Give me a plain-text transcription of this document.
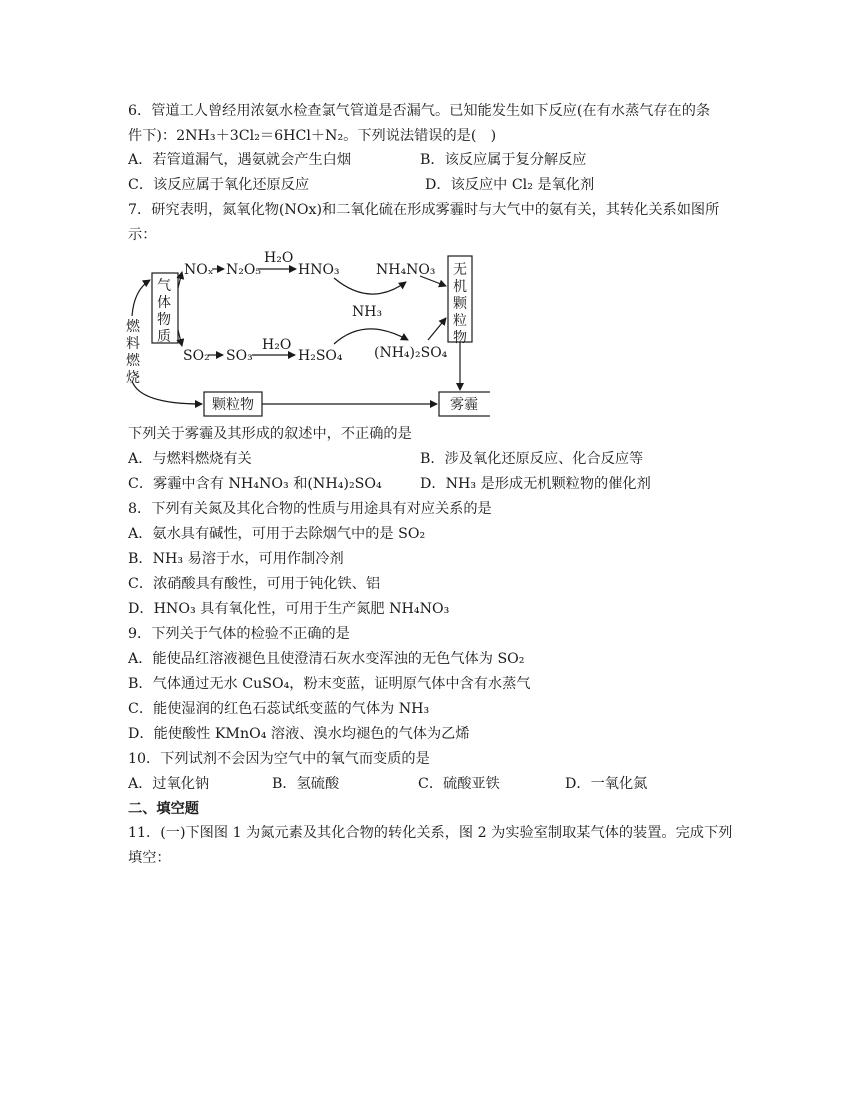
6．管道工人曾经用浓氨水检查氯气管道是否漏气。已知能发生如下反应(在有水蒸气存在的条
件下)：2NH₃＋3Cl₂＝6HCl＋N₂。下列说法错误的是(　)
A．若管道漏气，遇氨就会产生白烟	B．该反应属于复分解反应
C．该反应属于氧化还原反应	D．该反应中 Cl₂ 是氧化剂
7．研究表明，氮氧化物(NOx)和二氧化硫在形成雾霾时与大气中的氨有关，其转化关系如图所
示：
燃 料 燃 烧
气 体 物 质
无 机 颗 粒 物
NOₓ N₂O₅
H₂O
HNO₃	NH₄NO₃
NH₃
SO₂ SO₃
H₂O
H₂SO₄ (NH₄)₂SO₄
颗粒物	雾霾
下列关于雾霾及其形成的叙述中，不正确的是
A．与燃料燃烧有关	B．涉及氧化还原反应、化合反应等
C．雾霾中含有 NH₄NO₃ 和(NH₄)₂SO₄	D．NH₃ 是形成无机颗粒物的催化剂
8．下列有关氮及其化合物的性质与用途具有对应关系的是
A．氨水具有碱性，可用于去除烟气中的是 SO₂
B．NH₃ 易溶于水，可用作制冷剂
C．浓硝酸具有酸性，可用于钝化铁、铝
D．HNO₃ 具有氧化性，可用于生产氮肥 NH₄NO₃
9．下列关于气体的检验不正确的是
A．能使品红溶液褪色且使澄清石灰水变浑浊的无色气体为 SO₂
B．气体通过无水 CuSO₄，粉末变蓝，证明原气体中含有水蒸气
C．能使湿润的红色石蕊试纸变蓝的气体为 NH₃
D．能使酸性 KMnO₄ 溶液、溴水均褪色的气体为乙烯
10．下列试剂不会因为空气中的氧气而变质的是
A．过氧化钠	B．氢硫酸	C．硫酸亚铁	D．一氧化氮
二、填空题
11．(一)下图图 1 为氮元素及其化合物的转化关系，图 2 为实验室制取某气体的装置。完成下列
填空：
